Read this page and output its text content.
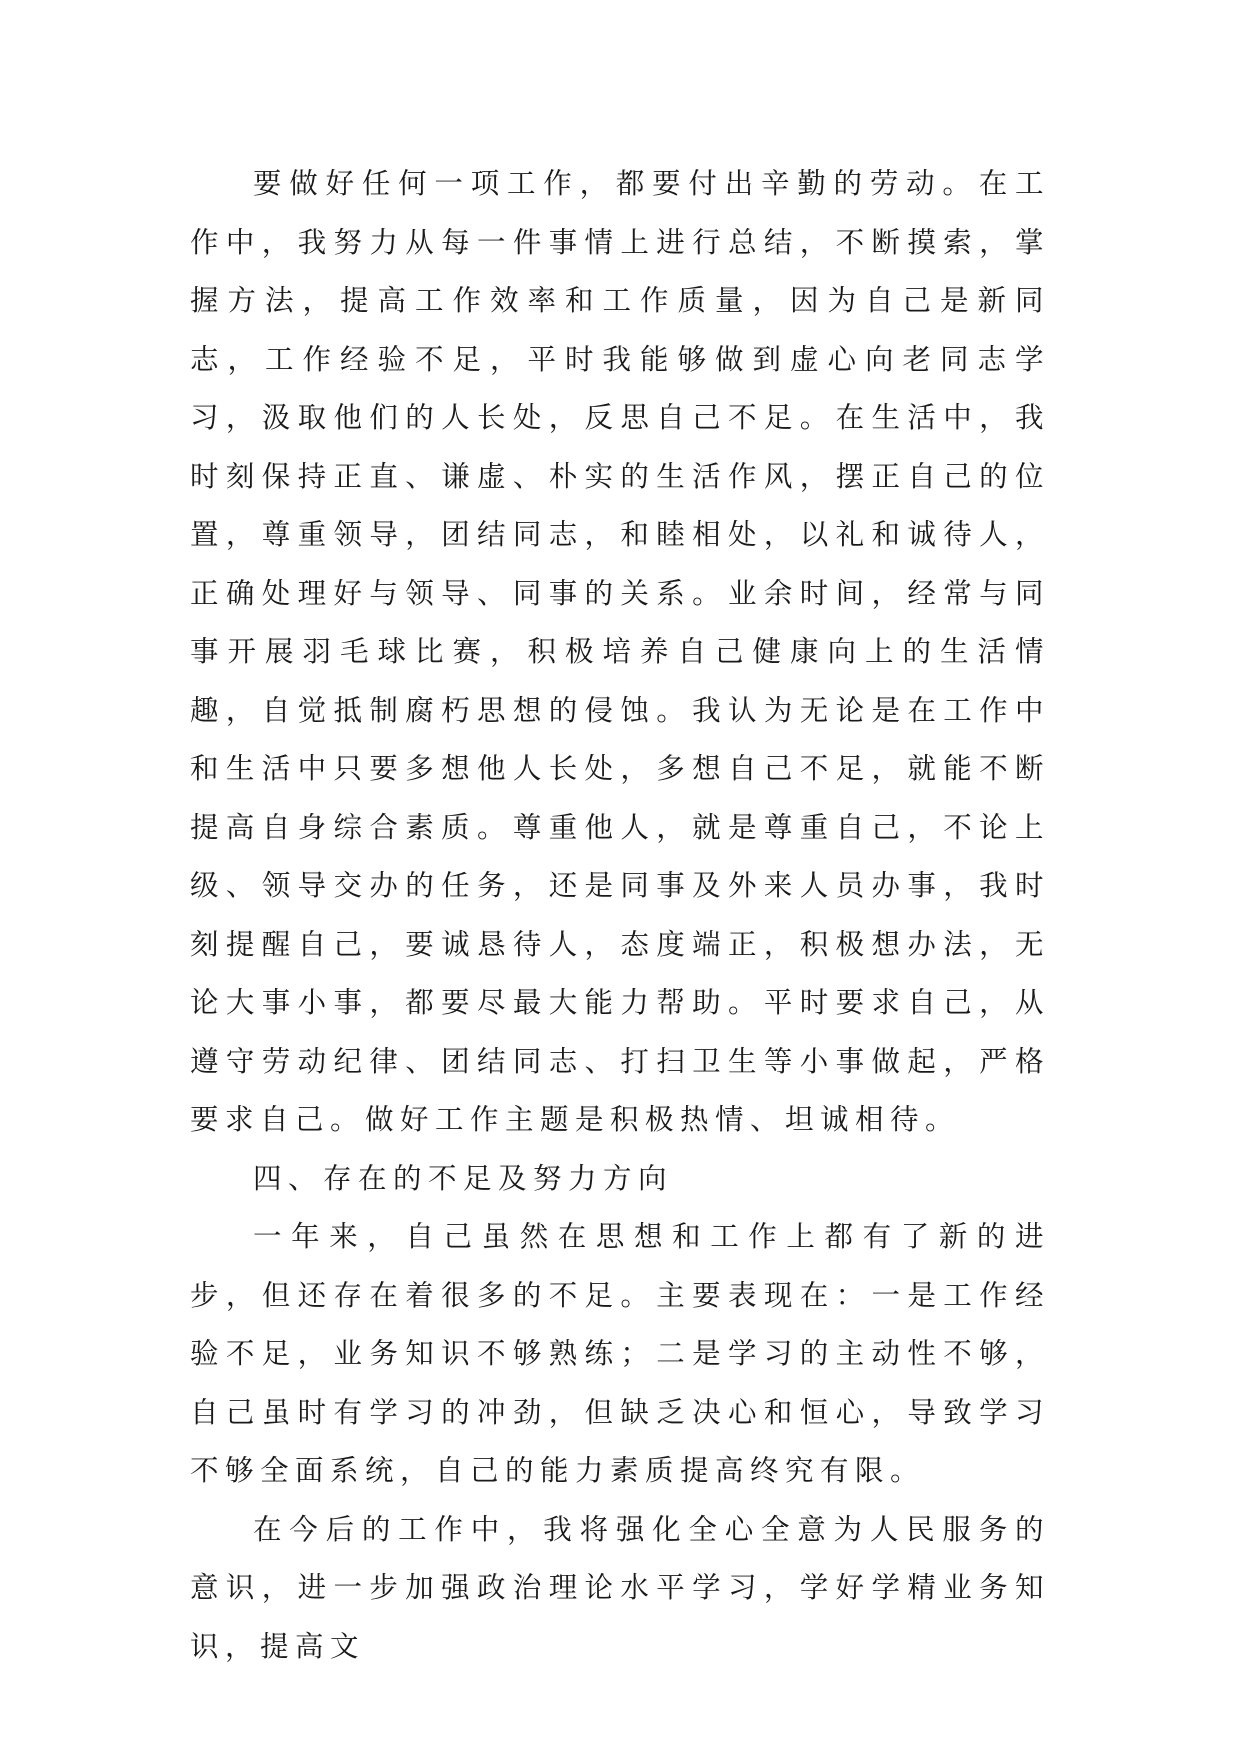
要做好任何一项工作，都要付出辛勤的劳动。在工作中，我努力从每一件事情上进行总结，不断摸索，掌握方法，提高工作效率和工作质量，因为自己是新同志，工作经验不足，平时我能够做到虚心向老同志学习，汲取他们的人长处，反思自己不足。在生活中，我时刻保持正直、谦虚、朴实的生活作风，摆正自己的位置，尊重领导，团结同志，和睦相处，以礼和诚待人，正确处理好与领导、同事的关系。业余时间，经常与同事开展羽毛球比赛，积极培养自己健康向上的生活情趣，自觉抵制腐朽思想的侵蚀。我认为无论是在工作中和生活中只要多想他人长处，多想自己不足，就能不断提高自身综合素质。尊重他人，就是尊重自己，不论上级、领导交办的任务，还是同事及外来人员办事，我时刻提醒自己，要诚恳待人，态度端正，积极想办法，无论大事小事，都要尽最大能力帮助。平时要求自己，从遵守劳动纪律、团结同志、打扫卫生等小事做起，严格要求自己。做好工作主题是积极热情、坦诚相待。

四、存在的不足及努力方向

一年来，自己虽然在思想和工作上都有了新的进步，但还存在着很多的不足。主要表现在：一是工作经验不足，业务知识不够熟练；二是学习的主动性不够，自己虽时有学习的冲劲，但缺乏决心和恒心，导致学习不够全面系统，自己的能力素质提高终究有限。

在今后的工作中，我将强化全心全意为人民服务的意识，进一步加强政治理论水平学习，学好学精业务知识，提高文
